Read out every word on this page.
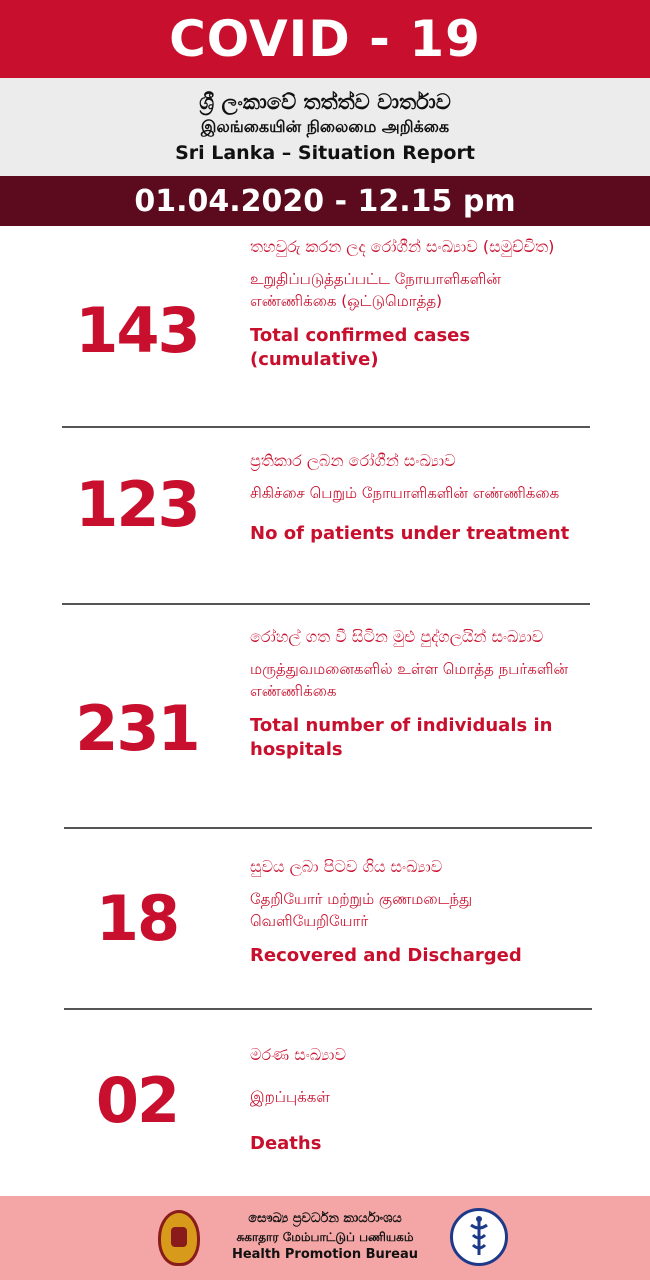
COVID - 19
ශ්‍රී ලංකාවේ තත්ත්ව වාර්තාව
இலங்கையின் நிலைமை அறிக்கை
Sri Lanka – Situation Report
01.04.2020 - 12.15 pm
143
තහවුරු කරන ලද රෝගීන් සංඛ්‍යාව (සමුච්චිත)
உறுதிப்படுத்தப்பட்ட நோயாளிகளின் எண்ணிக்கை (ஒட்டுமொத்த)
Total confirmed cases (cumulative)
123
ප්‍රතිකාර ලබන රෝගීන් සංඛ්‍යාව
சிகிச்சை பெறும் நோயாளிகளின் எண்ணிக்கை
No of patients under treatment
231
රෝහල් ගත වී සිටින මුළු පුද්ගලයින් සංඛ්‍යාව
மருத்துவமனைகளில் உள்ள மொத்த நபர்களின் எண்ணிக்கை
Total number of individuals in hospitals
18
සුවය ලබා පිටව ගිය සංඛ්‍යාව
தேறியோர் மற்றும் குணமடைந்து வெளியேறியோர்
Recovered and Discharged
02
මරණ සංඛ්‍යාව
இறப்புக்கள்
Deaths
සෞඛ්‍ය ප්‍රවර්ධන කාර්යාංශය
சுகாதார மேம்பாட்டுப் பணியகம்
Health Promotion Bureau
